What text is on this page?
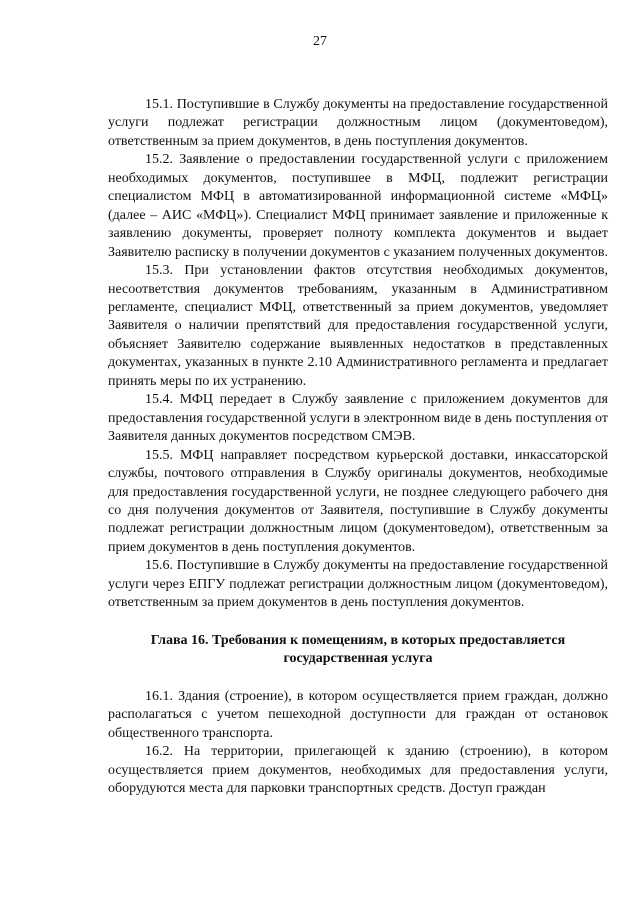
27

15.1. Поступившие в Службу документы на предоставление государственной услуги подлежат регистрации должностным лицом (документоведом), ответственным за прием документов, в день поступления документов.

15.2. Заявление о предоставлении государственной услуги с приложением необходимых документов, поступившее в МФЦ, подлежит регистрации специалистом МФЦ в автоматизированной информационной системе «МФЦ» (далее – АИС «МФЦ»). Специалист МФЦ принимает заявление и приложенные к заявлению документы, проверяет полноту комплекта документов и выдает Заявителю расписку в получении документов с указанием полученных документов.

15.3. При установлении фактов отсутствия необходимых документов, несоответствия документов требованиям, указанным в Административном регламенте, специалист МФЦ, ответственный за прием документов, уведомляет Заявителя о наличии препятствий для предоставления государственной услуги, объясняет Заявителю содержание выявленных недостатков в представленных документах, указанных в пункте 2.10 Административного регламента и предлагает принять меры по их устранению.

15.4. МФЦ передает в Службу заявление с приложением документов для предоставления государственной услуги в электронном виде в день поступления от Заявителя данных документов посредством СМЭВ.

15.5. МФЦ направляет посредством курьерской доставки, инкассаторской службы, почтового отправления в Службу оригиналы документов, необходимые для предоставления государственной услуги, не позднее следующего рабочего дня со дня получения документов от Заявителя, поступившие в Службу документы подлежат регистрации должностным лицом (документоведом), ответственным за прием документов в день поступления документов.

15.6. Поступившие в Службу документы на предоставление государственной услуги через ЕПГУ подлежат регистрации должностным лицом (документоведом), ответственным за прием документов в день поступления документов.

Глава 16. Требования к помещениям, в которых предоставляется
государственная услуга

16.1. Здания (строение), в котором осуществляется прием граждан, должно располагаться с учетом пешеходной доступности для граждан от остановок общественного транспорта.

16.2. На территории, прилегающей к зданию (строению), в котором осуществляется прием документов, необходимых для предоставления услуги, оборудуются места для парковки транспортных средств. Доступ граждан
